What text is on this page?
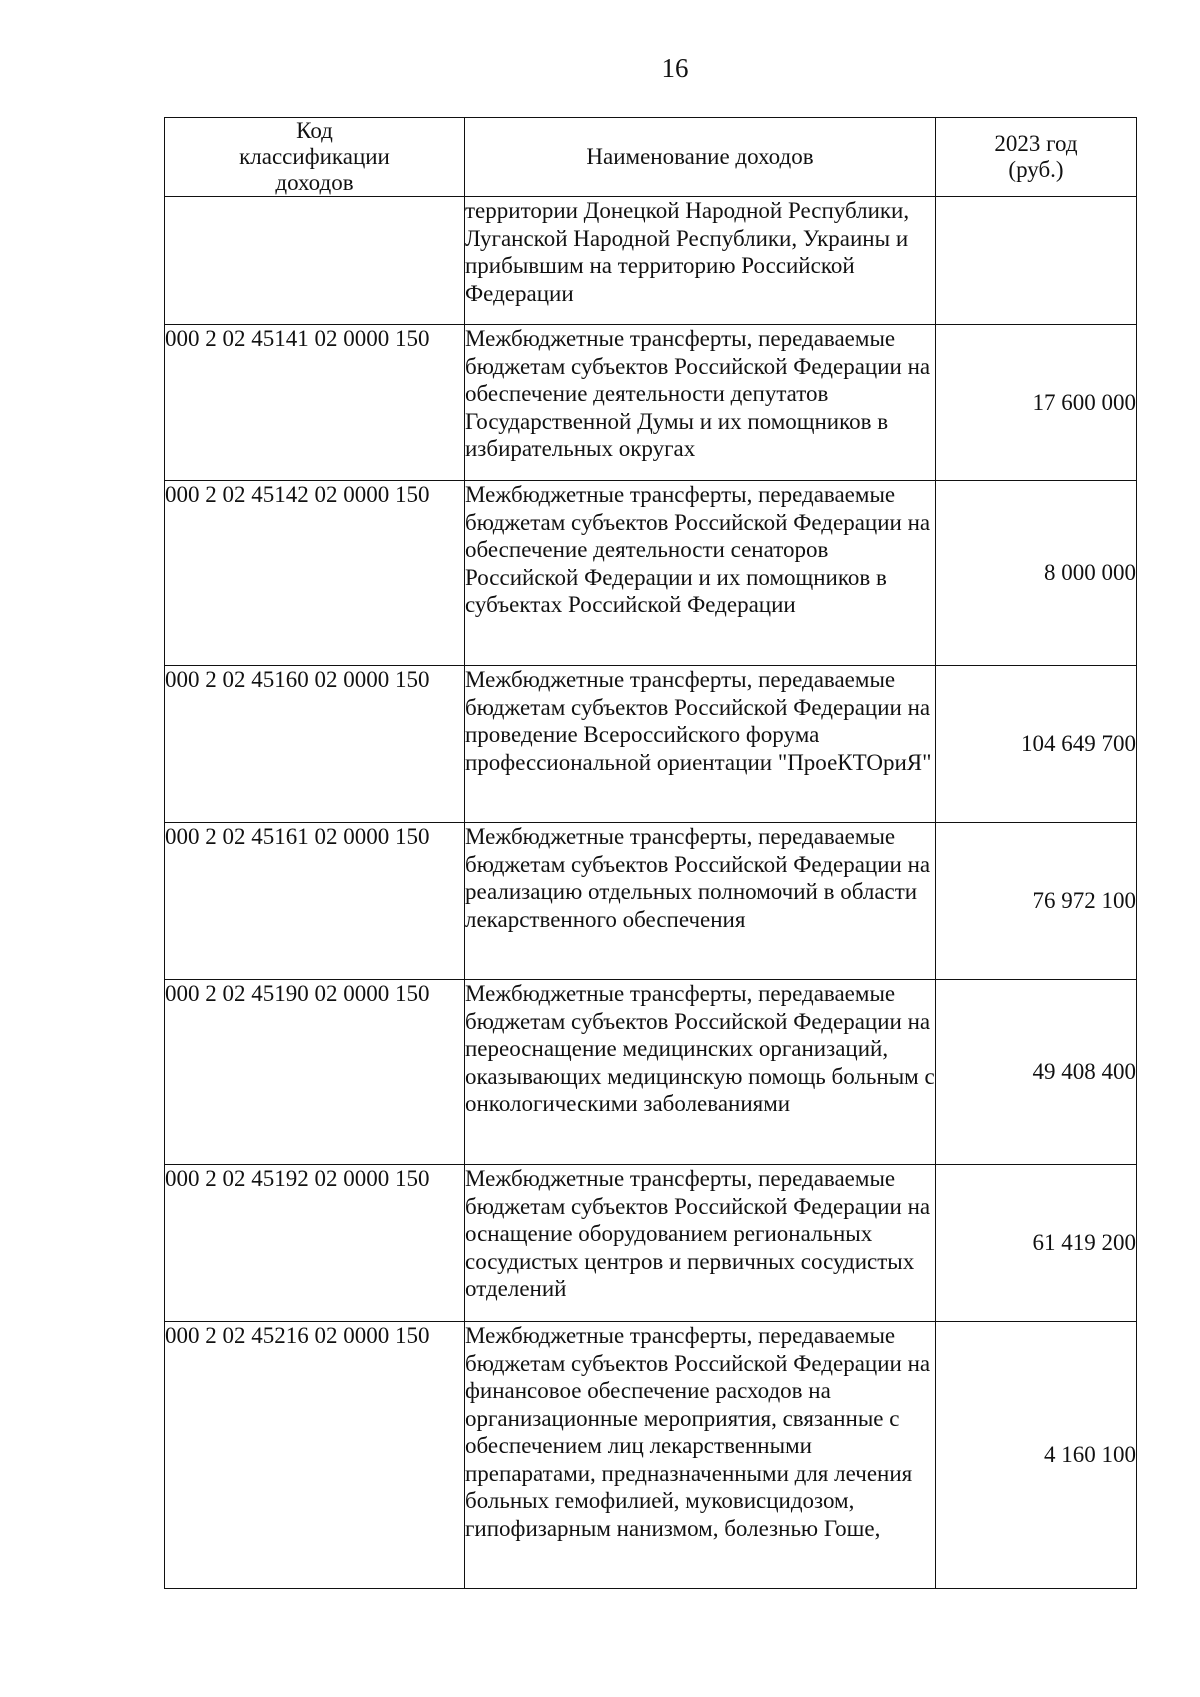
16
Код классификации доходов	Наименование доходов	2023 год (руб.)
	территории Донецкой Народной Республики, Луганской Народной Республики, Украины и прибывшим на территорию Российской Федерации	
000 2 02 45141 02 0000 150	Межбюджетные трансферты, передаваемые бюджетам субъектов Российской Федерации на обеспечение деятельности депутатов Государственной Думы и их помощников в избирательных округах	17 600 000
000 2 02 45142 02 0000 150	Межбюджетные трансферты, передаваемые бюджетам субъектов Российской Федерации на обеспечение деятельности сенаторов Российской Федерации и их помощников в субъектах Российской Федерации	8 000 000
000 2 02 45160 02 0000 150	Межбюджетные трансферты, передаваемые бюджетам субъектов Российской Федерации на проведение Всероссийского форума профессиональной ориентации "ПроеКТОриЯ"	104 649 700
000 2 02 45161 02 0000 150	Межбюджетные трансферты, передаваемые бюджетам субъектов Российской Федерации на реализацию отдельных полномочий в области лекарственного обеспечения	76 972 100
000 2 02 45190 02 0000 150	Межбюджетные трансферты, передаваемые бюджетам субъектов Российской Федерации на переоснащение медицинских организаций, оказывающих медицинскую помощь больным с онкологическими заболеваниями	49 408 400
000 2 02 45192 02 0000 150	Межбюджетные трансферты, передаваемые бюджетам субъектов Российской Федерации на оснащение оборудованием региональных сосудистых центров и первичных сосудистых отделений	61 419 200
000 2 02 45216 02 0000 150	Межбюджетные трансферты, передаваемые бюджетам субъектов Российской Федерации на финансовое обеспечение расходов на организационные мероприятия, связанные с обеспечением лиц лекарственными препаратами, предназначенными для лечения больных гемофилией, муковисцидозом, гипофизарным нанизмом, болезнью Гоше,	4 160 100
